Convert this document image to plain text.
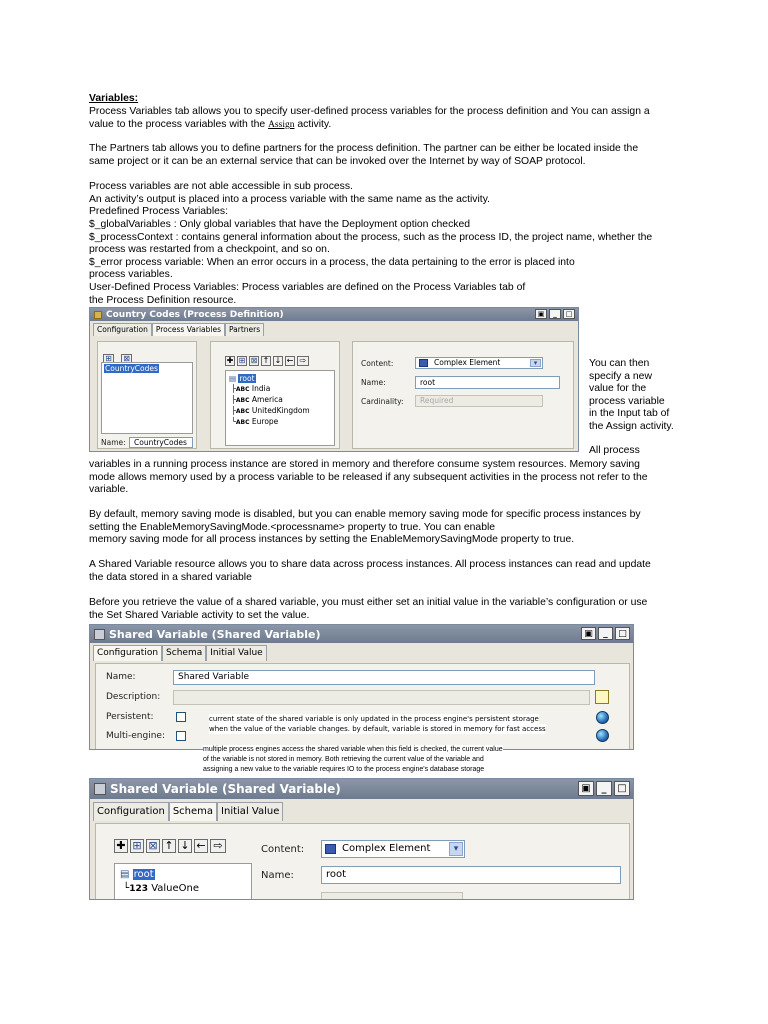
Variables:
Process Variables tab allows you to specify user-defined process variables for the process definition and You can assign a
value to the process variables with the Assign activity.
The Partners tab allows you to define partners for the process definition. The partner can be either be located inside the
same project or it can be an external service that can be invoked over the Internet by way of SOAP protocol.
Process variables are not able accessible in sub process.
An activity’s output is placed into a process variable with the same name as the activity.
Predefined Process Variables:
$_globalVariables : Only global variables that have the Deployment option checked
$_processContext : contains general information about the process, such as the process ID, the project name, whether the
process was restarted from a checkpoint, and so on.
$_error process variable: When an error occurs in a process, the data pertaining to the error is placed into
process variables.
User-Defined Process Variables: Process variables are defined on the Process Variables tab of
the Process Definition resource.
You can then
specify a new
value for the
process variable
in the Input tab of
the Assign activity.
All process
variables in a running process instance are stored in memory and therefore consume system resources. Memory saving
mode allows memory used by a process variable to be released if any subsequent activities in the process not refer to the
variable.
By default, memory saving mode is disabled, but you can enable memory saving mode for specific process instances by
setting the EnableMemorySavingMode.<processname> property to true. You can enable
memory saving mode for all process instances by setting the EnableMemorySavingMode property to true.
A Shared Variable resource allows you to share data across process instances. All process instances can read and update
the data stored in a shared variable
Before you retrieve the value of a shared variable, you must either set an initial value in the variable’s configuration or use
the Set Shared Variable activity to set the value.
Country Codes (Process Definition)	▣	_	□
Configuration	Process Variables	Partners
⊞ ⊠
CountryCodes
Name:	CountryCodes
✚ ⊞ ⊠ ↑ ↓ ← ⇨
▤ root
├ABC India
├ABC America
├ABC UnitedKingdom
└ABC Europe
Content:	Complex Element	▾
Name:	root
Cardinality:	Required
Shared Variable (Shared Variable)	▣	_	□
Configuration Schema Initial Value
Name:	Shared Variable
Description:
Persistent:
Multi-engine:
current state of the shared variable is only updated in the process engine's persistent storage
when the value of the variable changes. by default, variable is stored in memory for fast access
multiple process engines access the shared variable when this field is checked, the current value
of the variable is not stored in memory. Both retrieving the current value of the variable and
assigning a new value to the variable requires IO to the process engine's database storage
Shared Variable (Shared Variable)	▣	_	□
Configuration Schema Initial Value
✚ ⊞ ⊠ ↑ ↓ ← ⇨
▤ root
└123 ValueOne
Content:	Complex Element	▾
Name:	root
